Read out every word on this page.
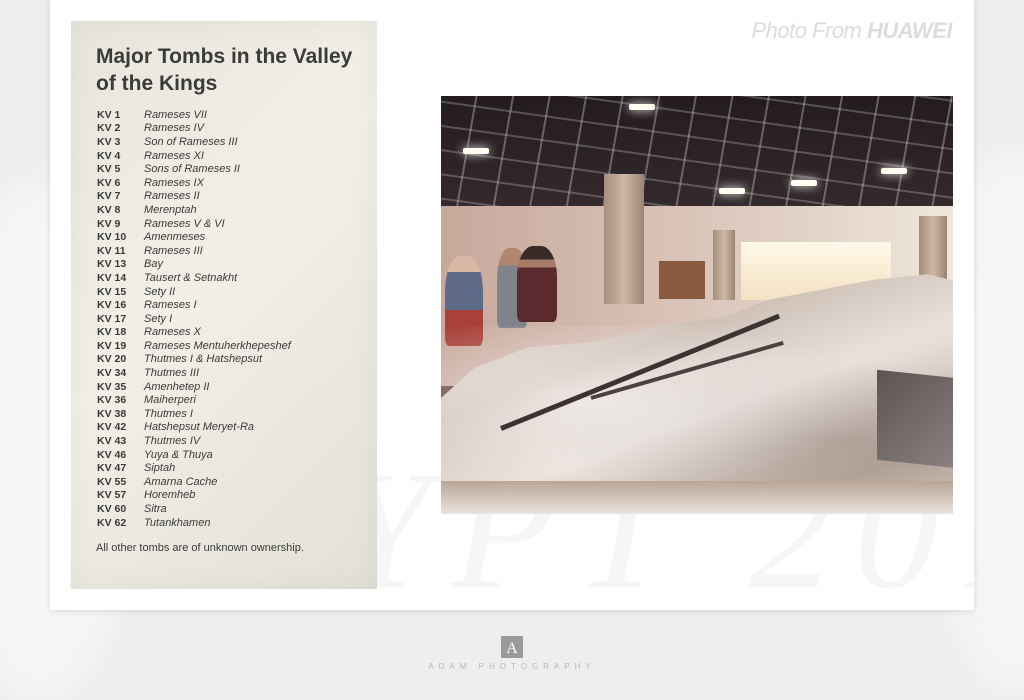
Photo From HUAWEI
Major Tombs in the Valley of the Kings
KV 1	Rameses VII
KV 2	Rameses IV
KV 3	Son of Rameses III
KV 4	Rameses XI
KV 5	Sons of Rameses II
KV 6	Rameses IX
KV 7	Rameses II
KV 8	Merenptah
KV 9	Rameses V & VI
KV 10	Amenmeses
KV 11	Rameses III
KV 13	Bay
KV 14	Tausert & Setnakht
KV 15	Sety II
KV 16	Rameses I
KV 17	Sety I
KV 18	Rameses X
KV 19	Rameses Mentuherkhepeshef
KV 20	Thutmes I & Hatshepsut
KV 34	Thutmes III
KV 35	Amenhetep II
KV 36	Maiherperi
KV 38	Thutmes I
KV 42	Hatshepsut Meryet-Ra
KV 43	Thutmes IV
KV 46	Yuya & Thuya
KV 47	Siptah
KV 55	Amarna Cache
KV 57	Horemheb
KV 60	Sitra
KV 62	Tutankhamen
All other tombs are of unknown ownership.
A
ADAM PHOTOGRAPHY
